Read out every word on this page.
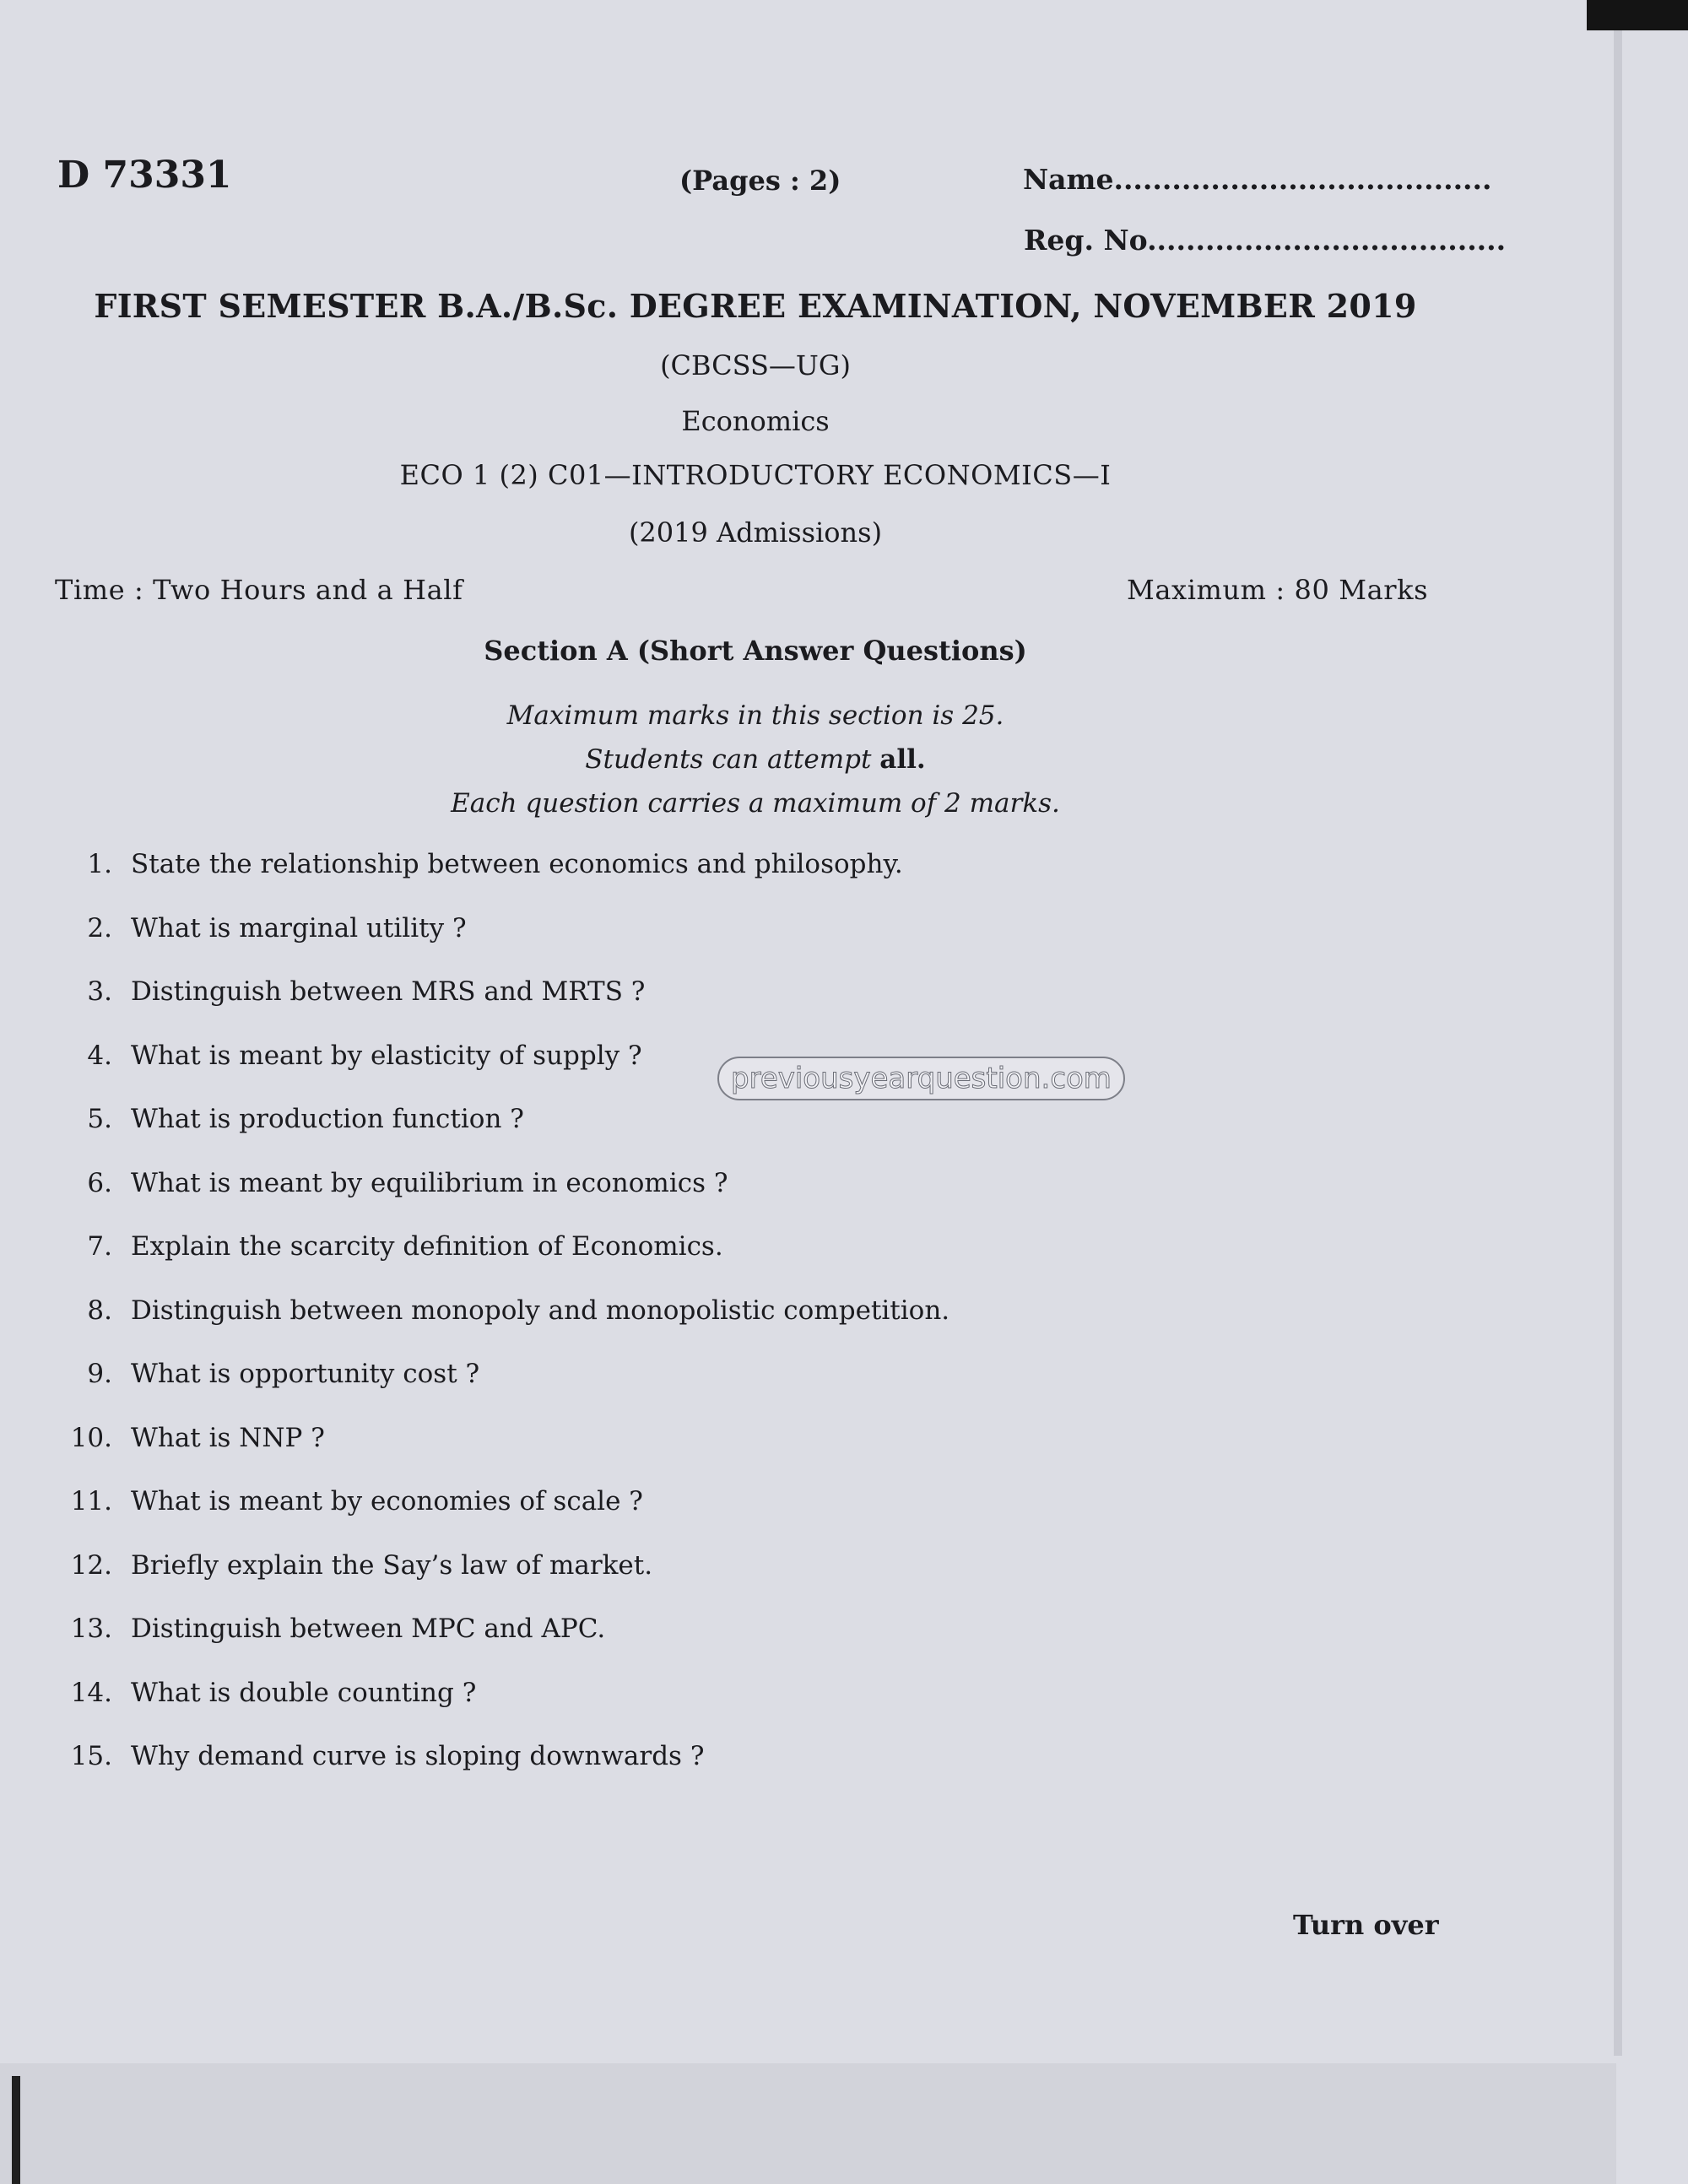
D 73331	(Pages : 2)	Name.......................................
Reg. No.....................................
FIRST SEMESTER B.A./B.Sc. DEGREE EXAMINATION, NOVEMBER 2019
(CBCSS—UG)
Economics
ECO 1 (2) C01—INTRODUCTORY ECONOMICS—I
(2019 Admissions)
Time : Two Hours and a Half	Maximum : 80 Marks
Section A (Short Answer Questions)
Maximum marks in this section is 25.
Students can attempt all.
Each question carries a maximum of 2 marks.
1. State the relationship between economics and philosophy.
2. What is marginal utility ?
3. Distinguish between MRS and MRTS ?
4. What is meant by elasticity of supply ?
5. What is production function ?
6. What is meant by equilibrium in economics ?
7. Explain the scarcity definition of Economics.
8. Distinguish between monopoly and monopolistic competition.
9. What is opportunity cost ?
10. What is NNP ?
11. What is meant by economies of scale ?
12. Briefly explain the Say’s law of market.
13. Distinguish between MPC and APC.
14. What is double counting ?
15. Why demand curve is sloping downwards ?
previousyearquestion.com
Turn over
